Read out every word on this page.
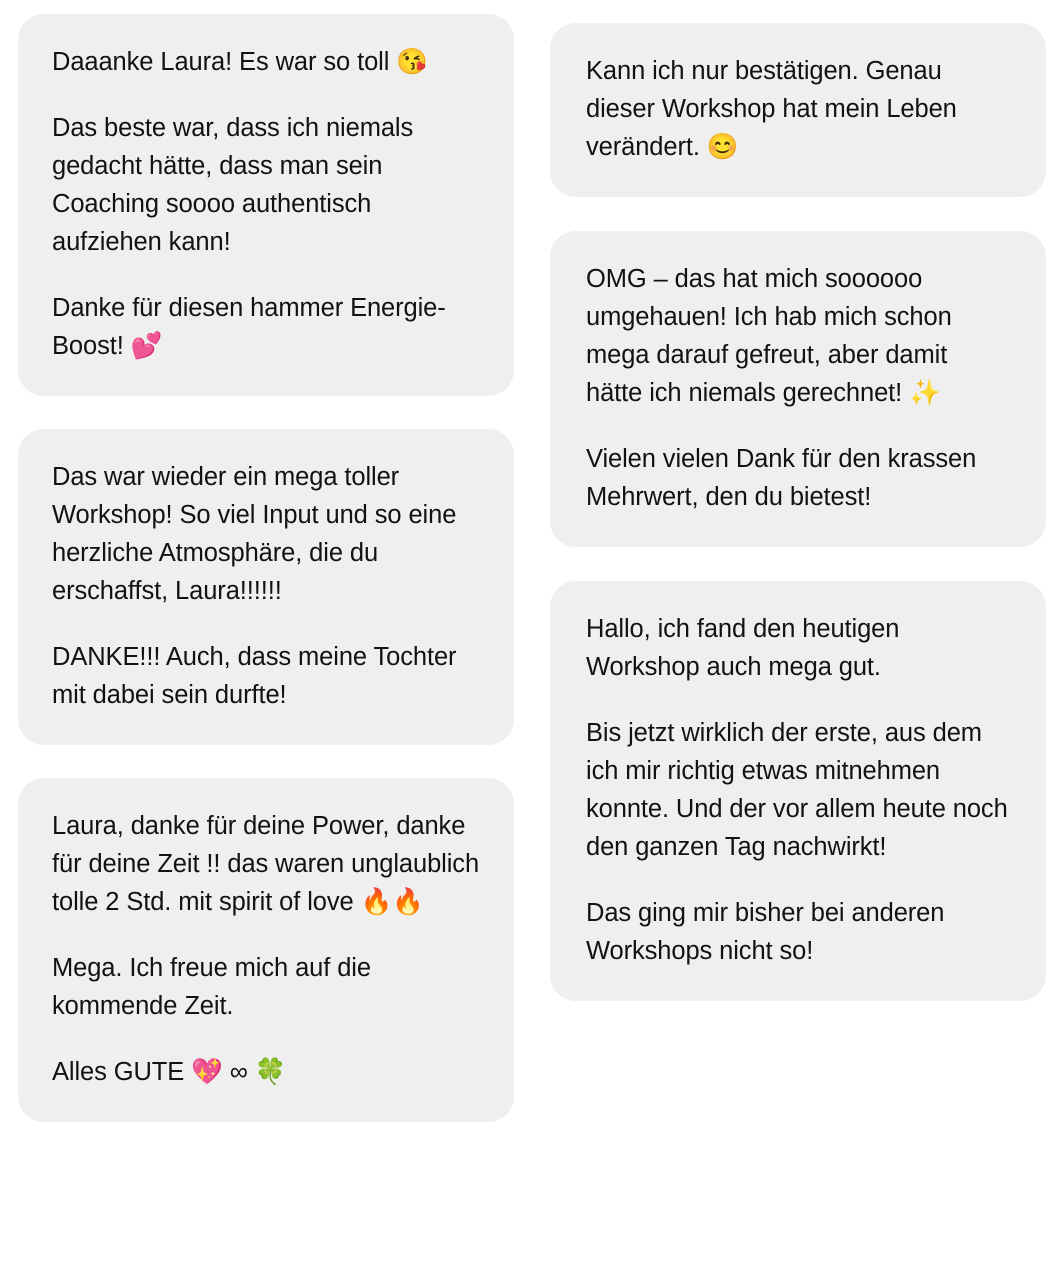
Daaanke Laura! Es war so toll 😘

Das beste war, dass ich niemals gedacht hätte, dass man sein Coaching soooo authentisch aufziehen kann!

Danke für diesen hammer Energie-Boost! 💕

Das war wieder ein mega toller Workshop! So viel Input und so eine herzliche Atmosphäre, die du erschaffst, Laura!!!!!!

DANKE!!! Auch, dass meine Tochter mit dabei sein durfte!

Laura, danke für deine Power, danke für deine Zeit !! das waren unglaublich tolle 2 Std. mit spirit of love 🔥🔥

Mega. Ich freue mich auf die kommende Zeit.

Alles GUTE 💖 ∞ 🍀

Kann ich nur bestätigen. Genau dieser Workshop hat mein Leben verändert. 😊

OMG – das hat mich soooooo umgehauen! Ich hab mich schon mega darauf gefreut, aber damit hätte ich niemals gerechnet! ✨

Vielen vielen Dank für den krassen Mehrwert, den du bietest!

Hallo, ich fand den heutigen Workshop auch mega gut.

Bis jetzt wirklich der erste, aus dem ich mir richtig etwas mitnehmen konnte. Und der vor allem heute noch den ganzen Tag nachwirkt!

Das ging mir bisher bei anderen Workshops nicht so!
